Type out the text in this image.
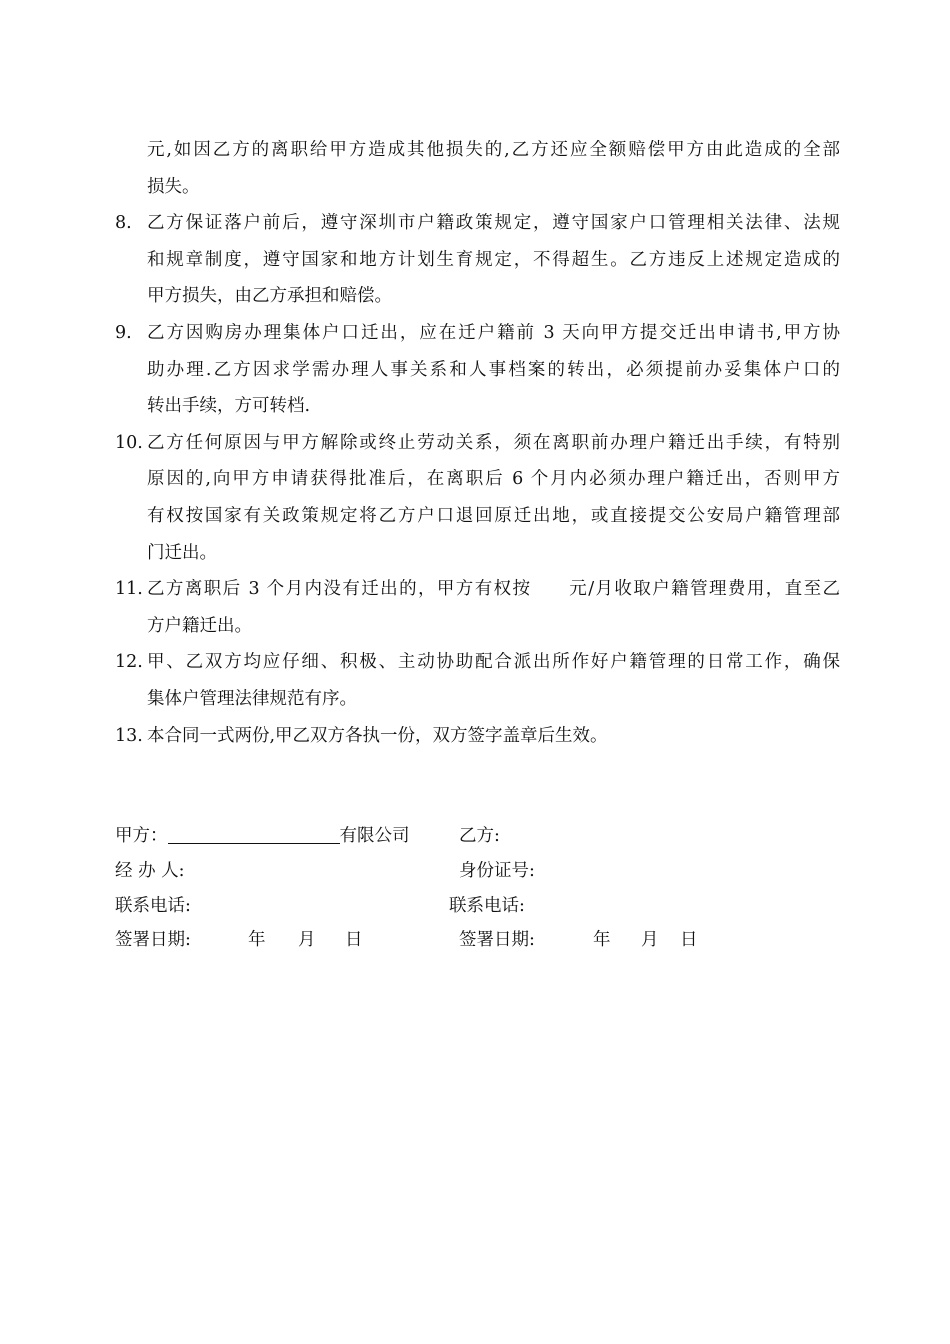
元,如因乙方的离职给甲方造成其他损失的,乙方还应全额赔偿甲方由此造成的全部
损失。
8. 乙方保证落户前后，遵守深圳市户籍政策规定，遵守国家户口管理相关法律、法规
和规章制度，遵守国家和地方计划生育规定，不得超生。乙方违反上述规定造成的
甲方损失，由乙方承担和赔偿。
9. 乙方因购房办理集体户口迁出，应在迁户籍前 3 天向甲方提交迁出申请书,甲方协
助办理.乙方因求学需办理人事关系和人事档案的转出，必须提前办妥集体户口的
转出手续，方可转档.
10. 乙方任何原因与甲方解除或终止劳动关系，须在离职前办理户籍迁出手续，有特别
原因的,向甲方申请获得批准后，在离职后 6 个月内必须办理户籍迁出，否则甲方
有权按国家有关政策规定将乙方户口退回原迁出地，或直接提交公安局户籍管理部
门迁出。
11. 乙方离职后 3 个月内没有迁出的，甲方有权按　　元/月收取户籍管理费用，直至乙
方户籍迁出。
12. 甲、乙双方均应仔细、积极、主动协助配合派出所作好户籍管理的日常工作，确保
集体户管理法律规范有序。
13. 本合同一式两份,甲乙双方各执一份，双方签字盖章后生效。
甲方：	有限公司	乙方:
经 办 人:	身份证号:
联系电话:	联系电话:
签署日期:	年 月 日	签署日期:	年 月 日
